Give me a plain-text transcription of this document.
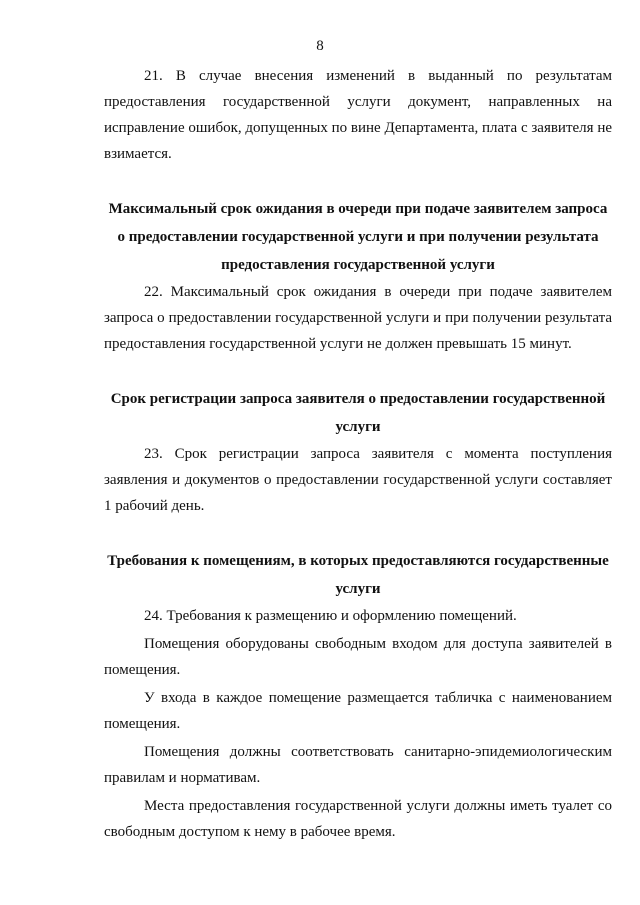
8

21. В случае внесения изменений в выданный по результатам предоставления государственной услуги документ, направленных на исправление ошибок, допущенных по вине Департамента, плата с заявителя не взимается.

Максимальный срок ожидания в очереди при подаче заявителем запроса о предоставлении государственной услуги и при получении результата предоставления государственной услуги

22. Максимальный срок ожидания в очереди при подаче заявителем запроса о предоставлении государственной услуги и при получении результата предоставления государственной услуги не должен превышать 15 минут.

Срок регистрации запроса заявителя о предоставлении государственной услуги

23. Срок регистрации запроса заявителя с момента поступления заявления и документов о предоставлении государственной услуги составляет 1 рабочий день.

Требования к помещениям, в которых предоставляются государственные услуги

24. Требования к размещению и оформлению помещений.

Помещения оборудованы свободным входом для доступа заявителей в помещения.

У входа в каждое помещение размещается табличка с наименованием помещения.

Помещения должны соответствовать санитарно-эпидемиологическим правилам и нормативам.

Места предоставления государственной услуги должны иметь туалет со свободным доступом к нему в рабочее время.
